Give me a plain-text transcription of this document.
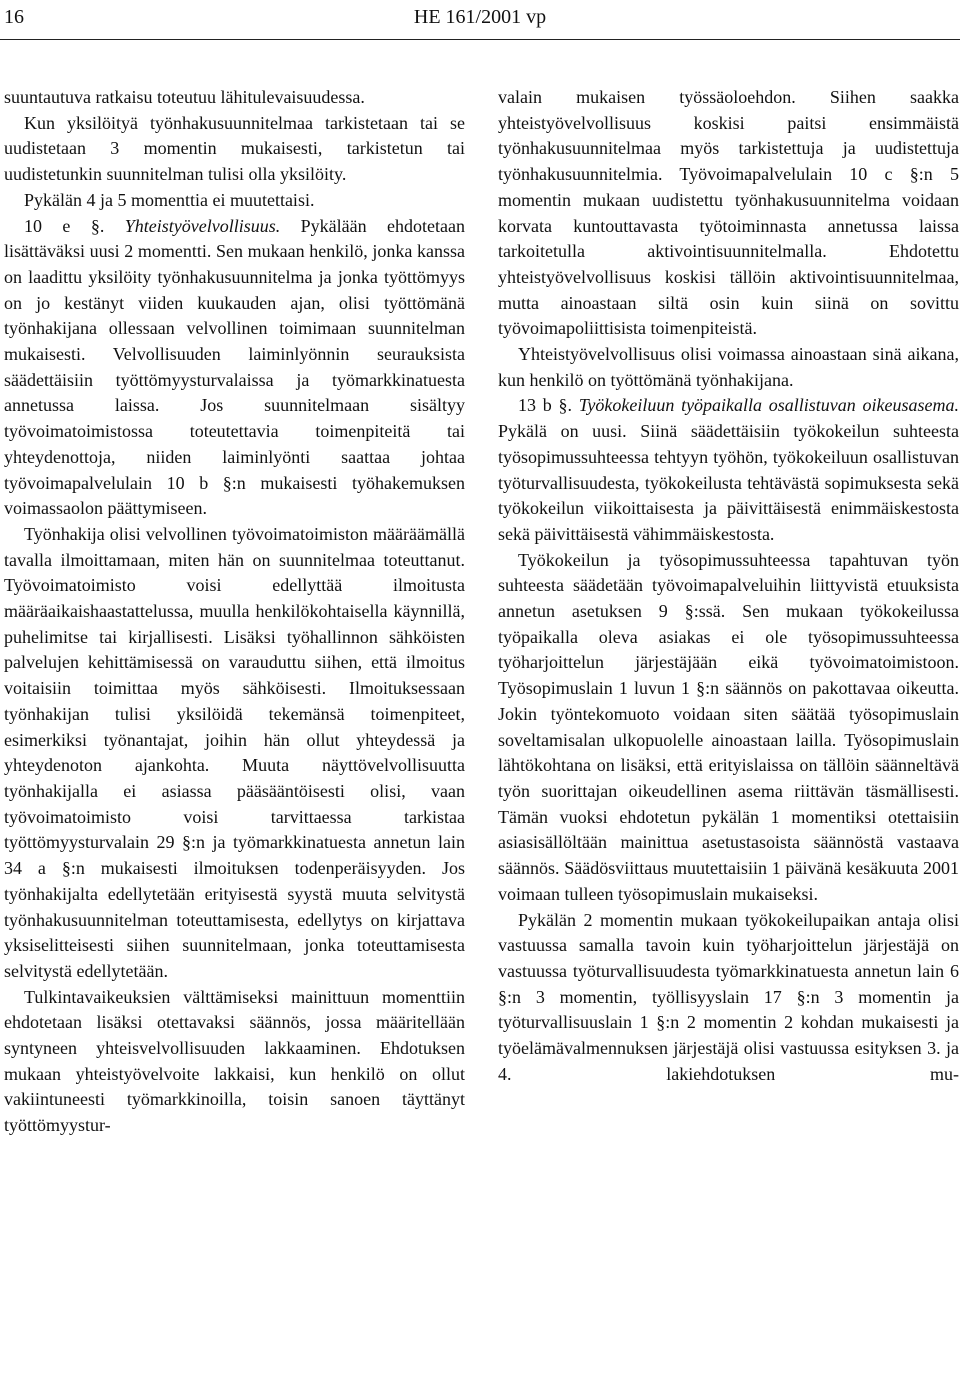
16	HE 161/2001 vp

suuntautuva ratkaisu toteutuu lähitulevaisuudessa.

Kun yksilöityä työnhakusuunnitelmaa tarkistetaan tai se uudistetaan 3 momentin mukaisesti, tarkistetun tai uudistetunkin suunnitelman tulisi olla yksilöity.

Pykälän 4 ja 5 momenttia ei muutettaisi.

10 e §. Yhteistyövelvollisuus. Pykälään ehdotetaan lisättäväksi uusi 2 momentti. Sen mukaan henkilö, jonka kanssa on laadittu yksilöity työnhakusuunnitelma ja jonka työttömyys on jo kestänyt viiden kuukauden ajan, olisi työttömänä työnhakijana ollessaan velvollinen toimimaan suunnitelman mukaisesti. Velvollisuuden laiminlyönnin seurauksista säädettäisiin työttömyysturvalaissa ja työmarkkinatuesta annetussa laissa. Jos suunnitelmaan sisältyy työvoimatoimistossa toteutettavia toimenpiteitä tai yhteydenottoja, niiden laiminlyönti saattaa johtaa työvoimapalvelulain 10 b §:n mukaisesti työhakemuksen voimassaolon päättymiseen.

Työnhakija olisi velvollinen työvoimatoimiston määräämällä tavalla ilmoittamaan, miten hän on suunnitelmaa toteuttanut. Työvoimatoimisto voisi edellyttää ilmoitusta määräaikaishaastattelussa, muulla henkilökohtaisella käynnillä, puhelimitse tai kirjallisesti. Lisäksi työhallinnon sähköisten palvelujen kehittämisessä on varauduttu siihen, että ilmoitus voitaisiin toimittaa myös sähköisesti. Ilmoituksessaan työnhakijan tulisi yksilöidä tekemänsä toimenpiteet, esimerkiksi työnantajat, joihin hän ollut yhteydessä ja yhteydenoton ajankohta. Muuta näyttövelvollisuutta työnhakijalla ei asiassa pääsääntöisesti olisi, vaan työvoimatoimisto voisi tarvittaessa tarkistaa työttömyysturvalain 29 §:n ja työmarkkinatuesta annetun lain 34 a §:n mukaisesti ilmoituksen todenperäisyyden. Jos työnhakijalta edellytetään erityisestä syystä muuta selvitystä työnhakusuunnitelman toteuttamisesta, edellytys on kirjattava yksiselitteisesti siihen suunnitelmaan, jonka toteuttamisesta selvitystä edellytetään.

Tulkintavaikeuksien välttämiseksi mainittuun momenttiin ehdotetaan lisäksi otettavaksi säännös, jossa määritellään syntyneen yhteisvelvollisuuden lakkaaminen. Ehdotuksen mukaan yhteistyövelvoite lakkaisi, kun henkilö on ollut vakiintuneesti työmarkkinoilla, toisin sanoen täyttänyt työttömyystur-

valain mukaisen työssäoloehdon. Siihen saakka yhteistyövelvollisuus koskisi paitsi ensimmäistä työnhakusuunnitelmaa myös tarkistettuja ja uudistettuja työnhakusuunnitelmia. Työvoimapalvelulain 10 c §:n 5 momentin mukaan uudistettu työnhakusuunnitelma voidaan korvata kuntouttavasta työtoiminnasta annetussa laissa tarkoitetulla aktivointisuunnitelmalla. Ehdotettu yhteistyövelvollisuus koskisi tällöin aktivointisuunnitelmaa, mutta ainoastaan siltä osin kuin siinä on sovittu työvoimapoliittisista toimenpiteistä.

Yhteistyövelvollisuus olisi voimassa ainoastaan sinä aikana, kun henkilö on työttömänä työnhakijana.

13 b §. Työkokeiluun työpaikalla osallistuvan oikeusasema. Pykälä on uusi. Siinä säädettäisiin työkokeilun suhteesta työsopimussuhteessa tehtyyn työhön, työkokeiluun osallistuvan työturvallisuudesta, työkokeilusta tehtävästä sopimuksesta sekä työkokeilun viikoittaisesta ja päivittäisestä enimmäiskestosta sekä päivittäisestä vähimmäiskestosta.

Työkokeilun ja työsopimussuhteessa tapahtuvan työn suhteesta säädetään työvoimapalveluihin liittyvistä etuuksista annetun asetuksen 9 §:ssä. Sen mukaan työkokeilussa työpaikalla oleva asiakas ei ole työsopimussuhteessa työharjoittelun järjestäjään eikä työvoimatoimistoon. Työsopimuslain 1 luvun 1 §:n säännös on pakottavaa oikeutta. Jokin työntekomuoto voidaan siten säätää työsopimuslain soveltamisalan ulkopuolelle ainoastaan lailla. Työsopimuslain lähtökohtana on lisäksi, että erityislaissa on tällöin säänneltävä työn suorittajan oikeudellinen asema riittävän täsmällisesti. Tämän vuoksi ehdotetun pykälän 1 momentiksi otettaisiin asiasisällöltään mainittua asetustasoista säännöstä vastaava säännös. Säädösviittaus muutettaisiin 1 päivänä kesäkuuta 2001 voimaan tulleen työsopimuslain mukaiseksi.

Pykälän 2 momentin mukaan työkokeilupaikan antaja olisi vastuussa samalla tavoin kuin työharjoittelun järjestäjä on vastuussa työturvallisuudesta työmarkkinatuesta annetun lain 6 §:n 3 momentin, työllisyyslain 17 §:n 3 momentin ja työturvallisuuslain 1 §:n 2 momentin 2 kohdan mukaisesti ja työelämävalmennuksen järjestäjä olisi vastuussa esityksen 3. ja 4. lakiehdotuksen mu-
